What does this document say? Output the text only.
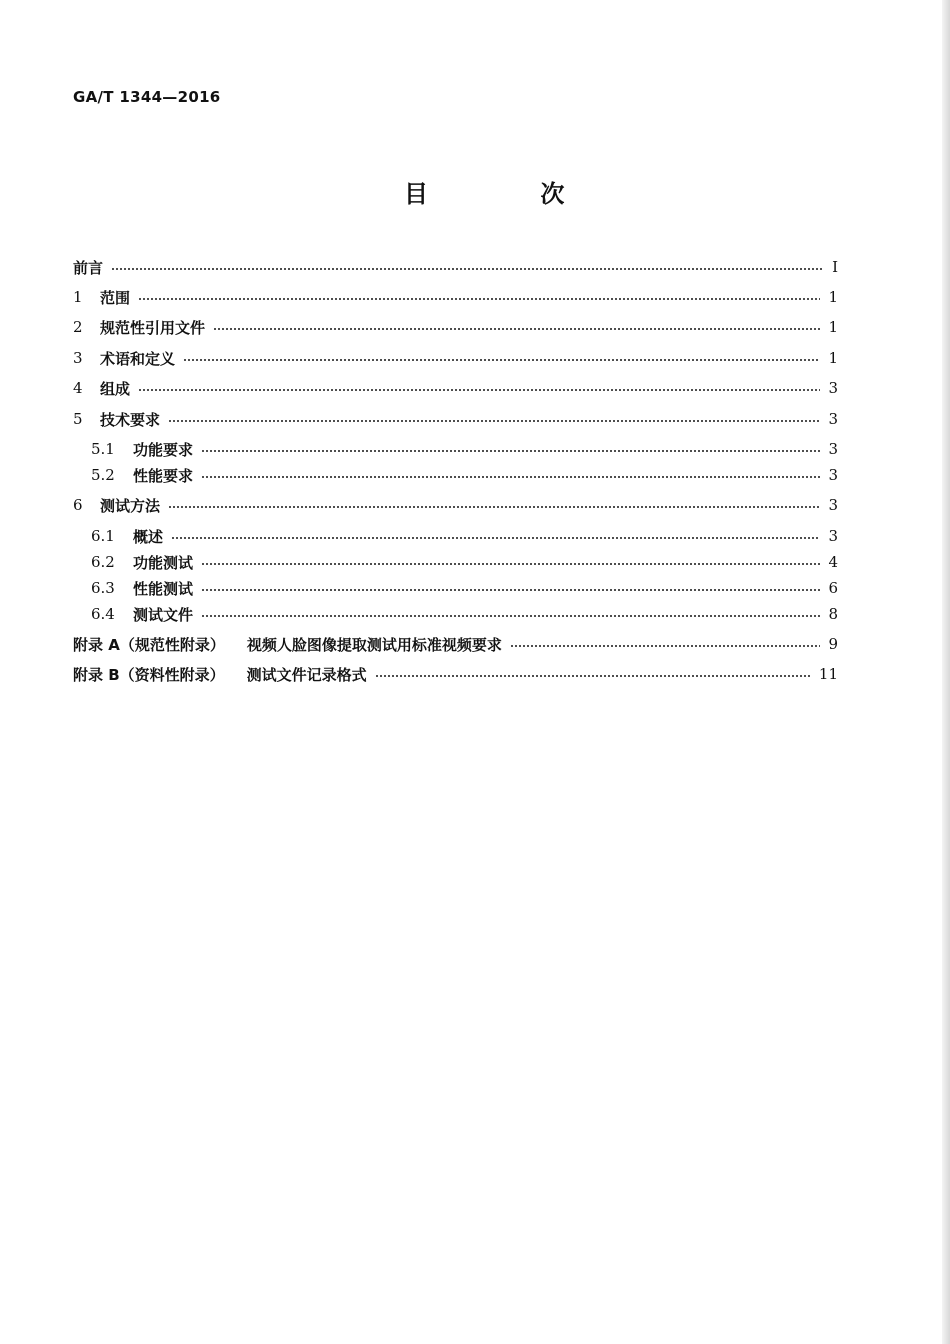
GA/T 1344—2016
目 次
前言	Ⅰ
1	范围	1
2	规范性引用文件	1
3	术语和定义	1
4	组成	3
5	技术要求	3
5.1	功能要求	3
5.2	性能要求	3
6	测试方法	3
6.1	概述	3
6.2	功能测试	4
6.3	性能测试	6
6.4	测试文件	8
附录 A（规范性附录） 视频人脸图像提取测试用标准视频要求	9
附录 B（资料性附录） 测试文件记录格式	11
